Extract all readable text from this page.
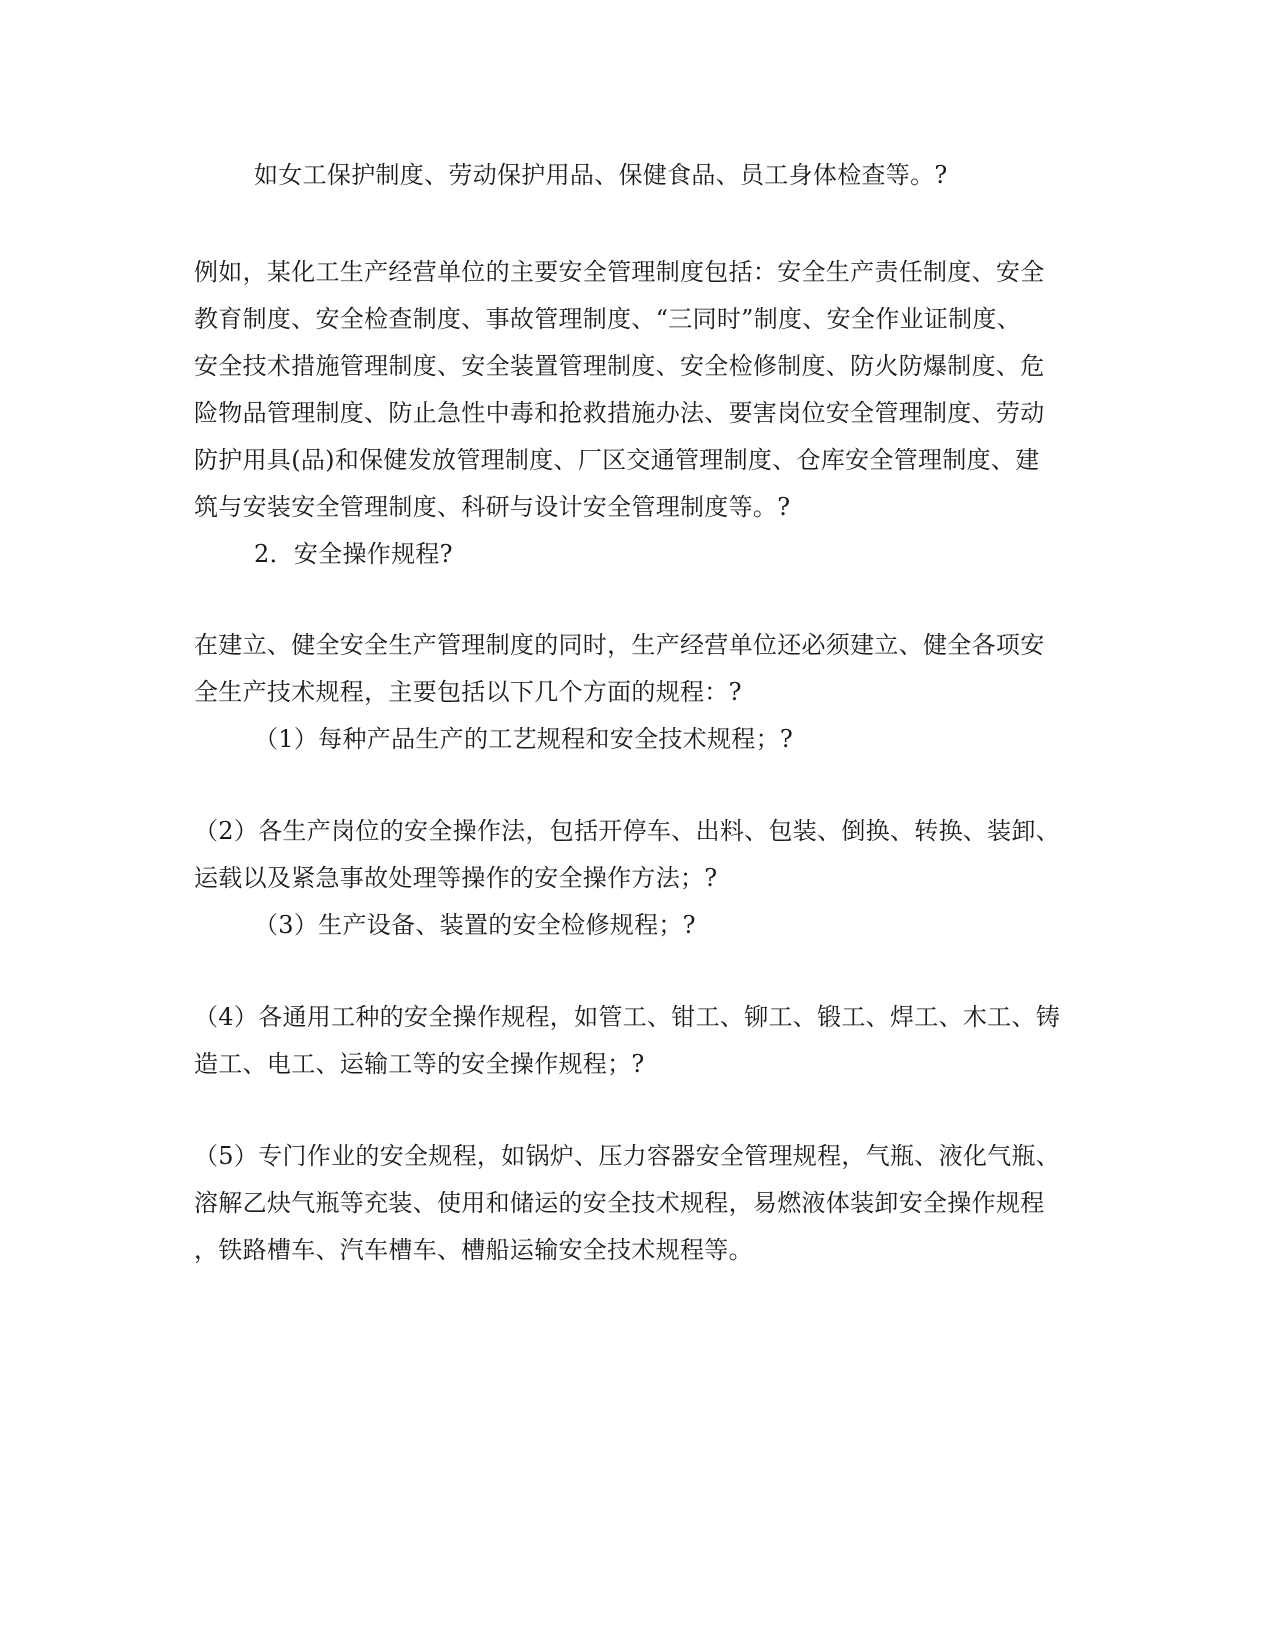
如女工保护制度、劳动保护用品、保健食品、员工身体检查等。?
例如，某化工生产经营单位的主要安全管理制度包括：安全生产责任制度、安全
教育制度、安全检查制度、事故管理制度、“三同时”制度、安全作业证制度、
安全技术措施管理制度、安全装置管理制度、安全检修制度、防火防爆制度、危
险物品管理制度、防止急性中毒和抢救措施办法、要害岗位安全管理制度、劳动
防护用具(品)和保健发放管理制度、厂区交通管理制度、仓库安全管理制度、建
筑与安装安全管理制度、科研与设计安全管理制度等。?
2．安全操作规程?
在建立、健全安全生产管理制度的同时，生产经营单位还必须建立、健全各项安
全生产技术规程，主要包括以下几个方面的规程：?
（1）每种产品生产的工艺规程和安全技术规程；?
（2）各生产岗位的安全操作法，包括开停车、出料、包装、倒换、转换、装卸、
运载以及紧急事故处理等操作的安全操作方法；?
（3）生产设备、装置的安全检修规程；?
（4）各通用工种的安全操作规程，如管工、钳工、铆工、锻工、焊工、木工、铸
造工、电工、运输工等的安全操作规程；?
（5）专门作业的安全规程，如锅炉、压力容器安全管理规程，气瓶、液化气瓶、
溶解乙炔气瓶等充装、使用和储运的安全技术规程，易燃液体装卸安全操作规程
，铁路槽车、汽车槽车、槽船运输安全技术规程等。
